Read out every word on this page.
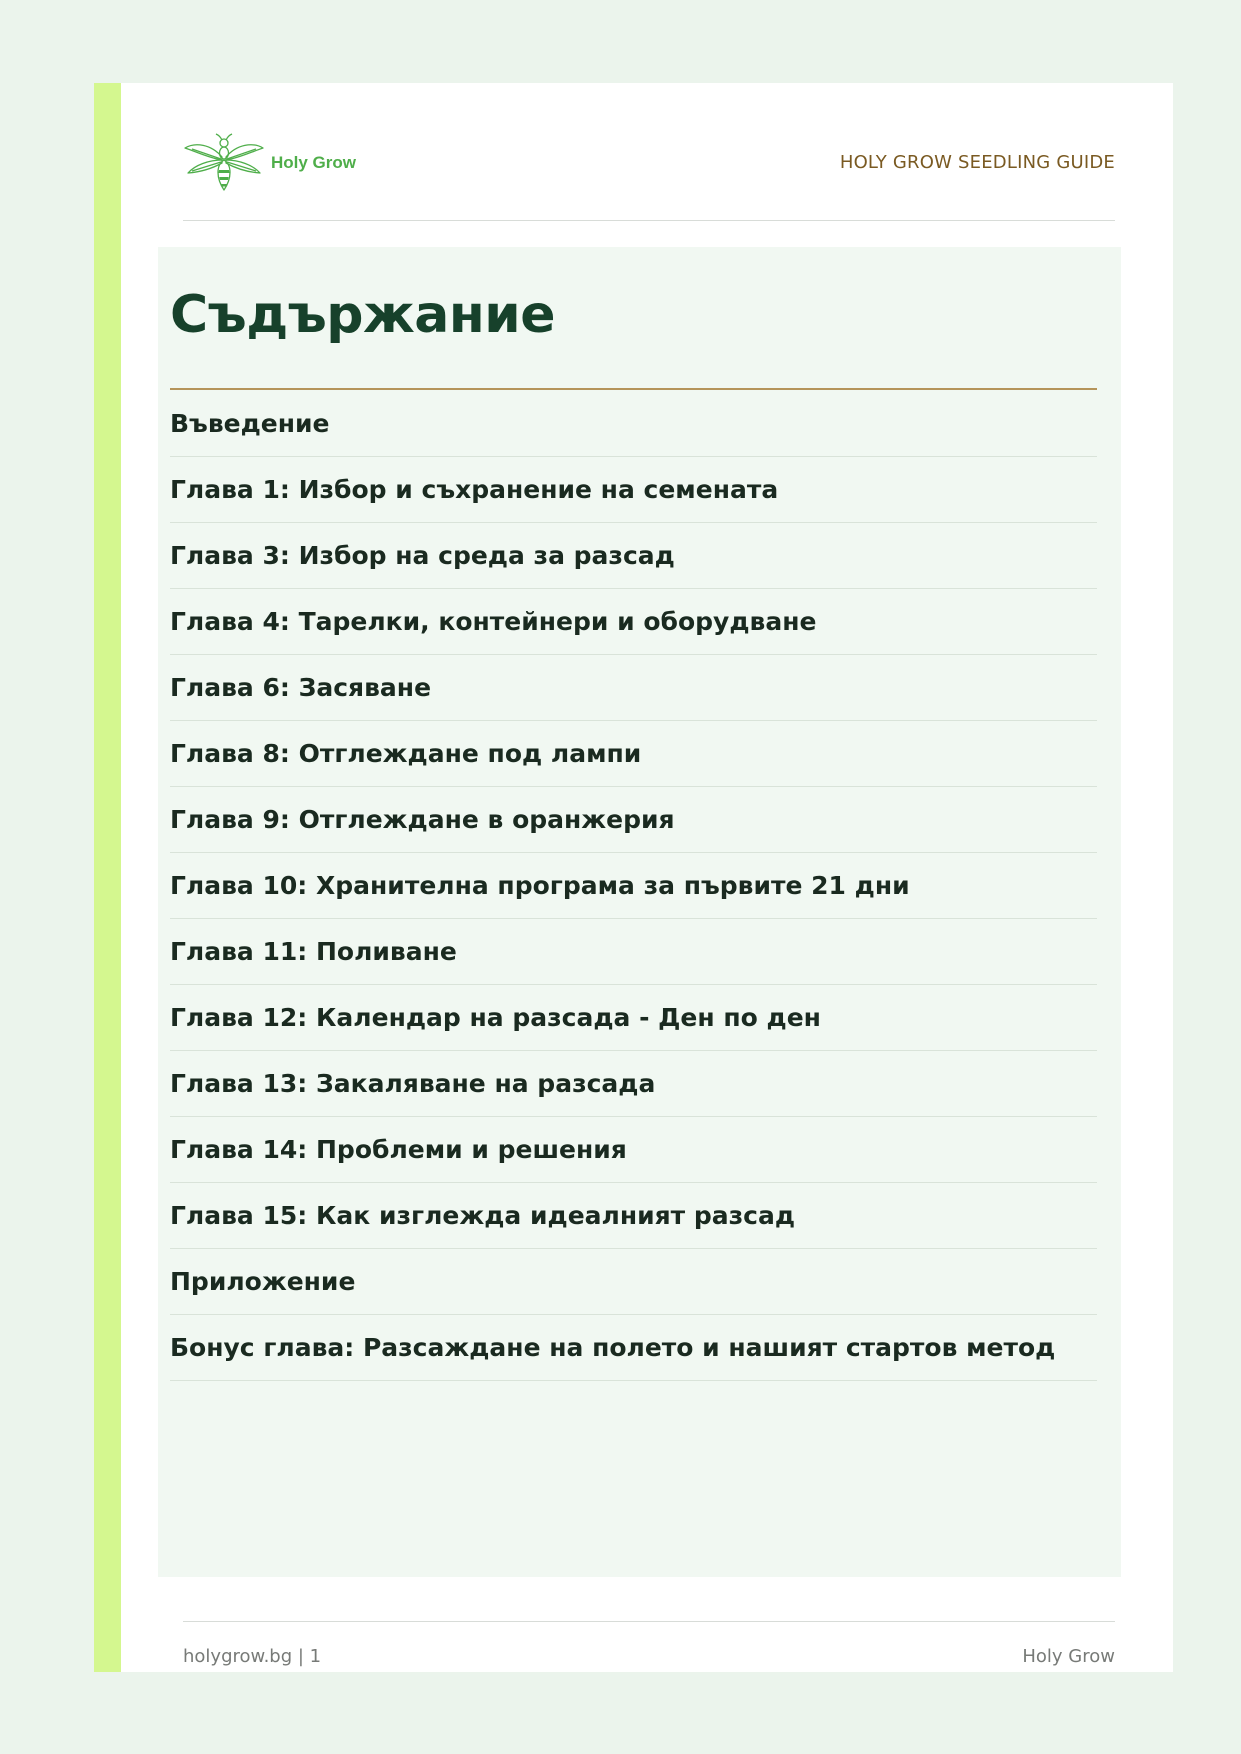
Holy Grow	HOLY GROW SEEDLING GUIDE
Съдържание
Въведение
Глава 1: Избор и съхранение на семената
Глава 3: Избор на среда за разсад
Глава 4: Тарелки, контейнери и оборудване
Глава 6: Засяване
Глава 8: Отглеждане под лампи
Глава 9: Отглеждане в оранжерия
Глава 10: Хранителна програма за първите 21 дни
Глава 11: Поливане
Глава 12: Календар на разсада - Ден по ден
Глава 13: Закаляване на разсада
Глава 14: Проблеми и решения
Глава 15: Как изглежда идеалният разсад
Приложение
Бонус глава: Разсаждане на полето и нашият стартов метод
holygrow.bg | 1	Holy Grow
